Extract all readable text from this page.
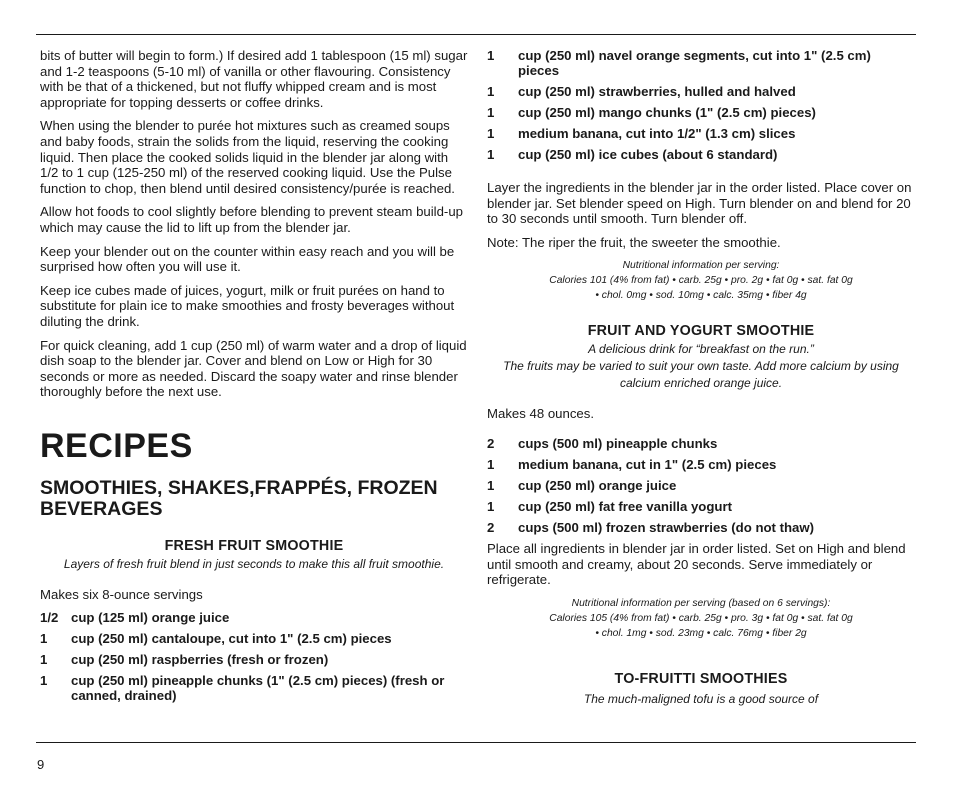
bits of butter will begin to form.) If desired add 1 tablespoon (15 ml) sugar and 1-2 teaspoons (5-10 ml) of vanilla or other flavouring. Consistency with be that of a thickened, but not fluffy whipped cream and is most appropriate for topping desserts or coffee drinks.

When using the blender to purée hot mixtures such as creamed soups and baby foods, strain the solids from the liquid, reserving the cooking liquid. Then place the cooked solids liquid in the blender jar along with 1/2 to 1 cup (125-250 ml) of the reserved cooking liquid. Use the Pulse function to chop, then blend until desired consistency/purée is reached.

Allow hot foods to cool slightly before blending to prevent steam build-up which may cause the lid to lift up from the blender jar.

Keep your blender out on the counter within easy reach and you will be surprised how often you will use it.

Keep ice cubes made of juices, yogurt, milk or fruit purées on hand to substitute for plain ice to make smoothies and frosty beverages without diluting the drink.

For quick cleaning, add 1 cup (250 ml) of warm water and a drop of liquid dish soap to the blender jar. Cover and blend on Low or High for 30 seconds or more as needed. Discard the soapy water and rinse blender thoroughly before the next use.

RECIPES
SMOOTHIES, SHAKES,FRAPPÉS, FROZEN BEVERAGES
FRESH FRUIT SMOOTHIE

Layers of fresh fruit blend in just seconds to make this all fruit smoothie.

Makes six 8-ounce servings

1/2 cup (125 ml) orange juice
1	cup (250 ml) cantaloupe, cut into 1" (2.5 cm) pieces
1	cup (250 ml) raspberries (fresh or frozen)
1	cup (250 ml) pineapple chunks (1" (2.5 cm) pieces) (fresh or canned, drained)
1	cup (250 ml) navel orange segments, cut into 1" (2.5 cm) pieces
1	cup (250 ml) strawberries, hulled and halved
1	cup (250 ml) mango chunks (1" (2.5 cm) pieces)
1	medium banana, cut into 1/2" (1.3 cm) slices
1	cup (250 ml) ice cubes (about 6 standard)

Layer the ingredients in the blender jar in the order listed. Place cover on blender jar. Set blender speed on High. Turn blender on and blend for 20 to 30 seconds until smooth. Turn blender off.

Note: The riper the fruit, the sweeter the smoothie.

Nutritional information per serving:

Calories 101 (4% from fat) • carb. 25g • pro. 2g • fat 0g • sat. fat 0g

• chol. 0mg • sod. 10mg • calc. 35mg • fiber 4g

FRUIT AND YOGURT SMOOTHIE

A delicious drink for “breakfast on the run.”

The fruits may be varied to suit your own taste. Add more calcium by using calcium enriched orange juice.

Makes 48 ounces.

2	cups (500 ml) pineapple chunks
1	medium banana, cut in 1" (2.5 cm) pieces
1	cup (250 ml) orange juice
1	cup (250 ml) fat free vanilla yogurt
2	cups (500 ml) frozen strawberries (do not thaw)

Place all ingredients in blender jar in order listed. Set on High and blend until smooth and creamy, about 20 seconds. Serve immediately or refrigerate.

Nutritional information per serving (based on 6 servings):

Calories 105 (4% from fat) • carb. 25g • pro. 3g • fat 0g • sat. fat 0g

• chol. 1mg • sod. 23mg • calc. 76mg • fiber 2g

TO-FRUITTI SMOOTHIES

The much-maligned tofu is a good source of

9
